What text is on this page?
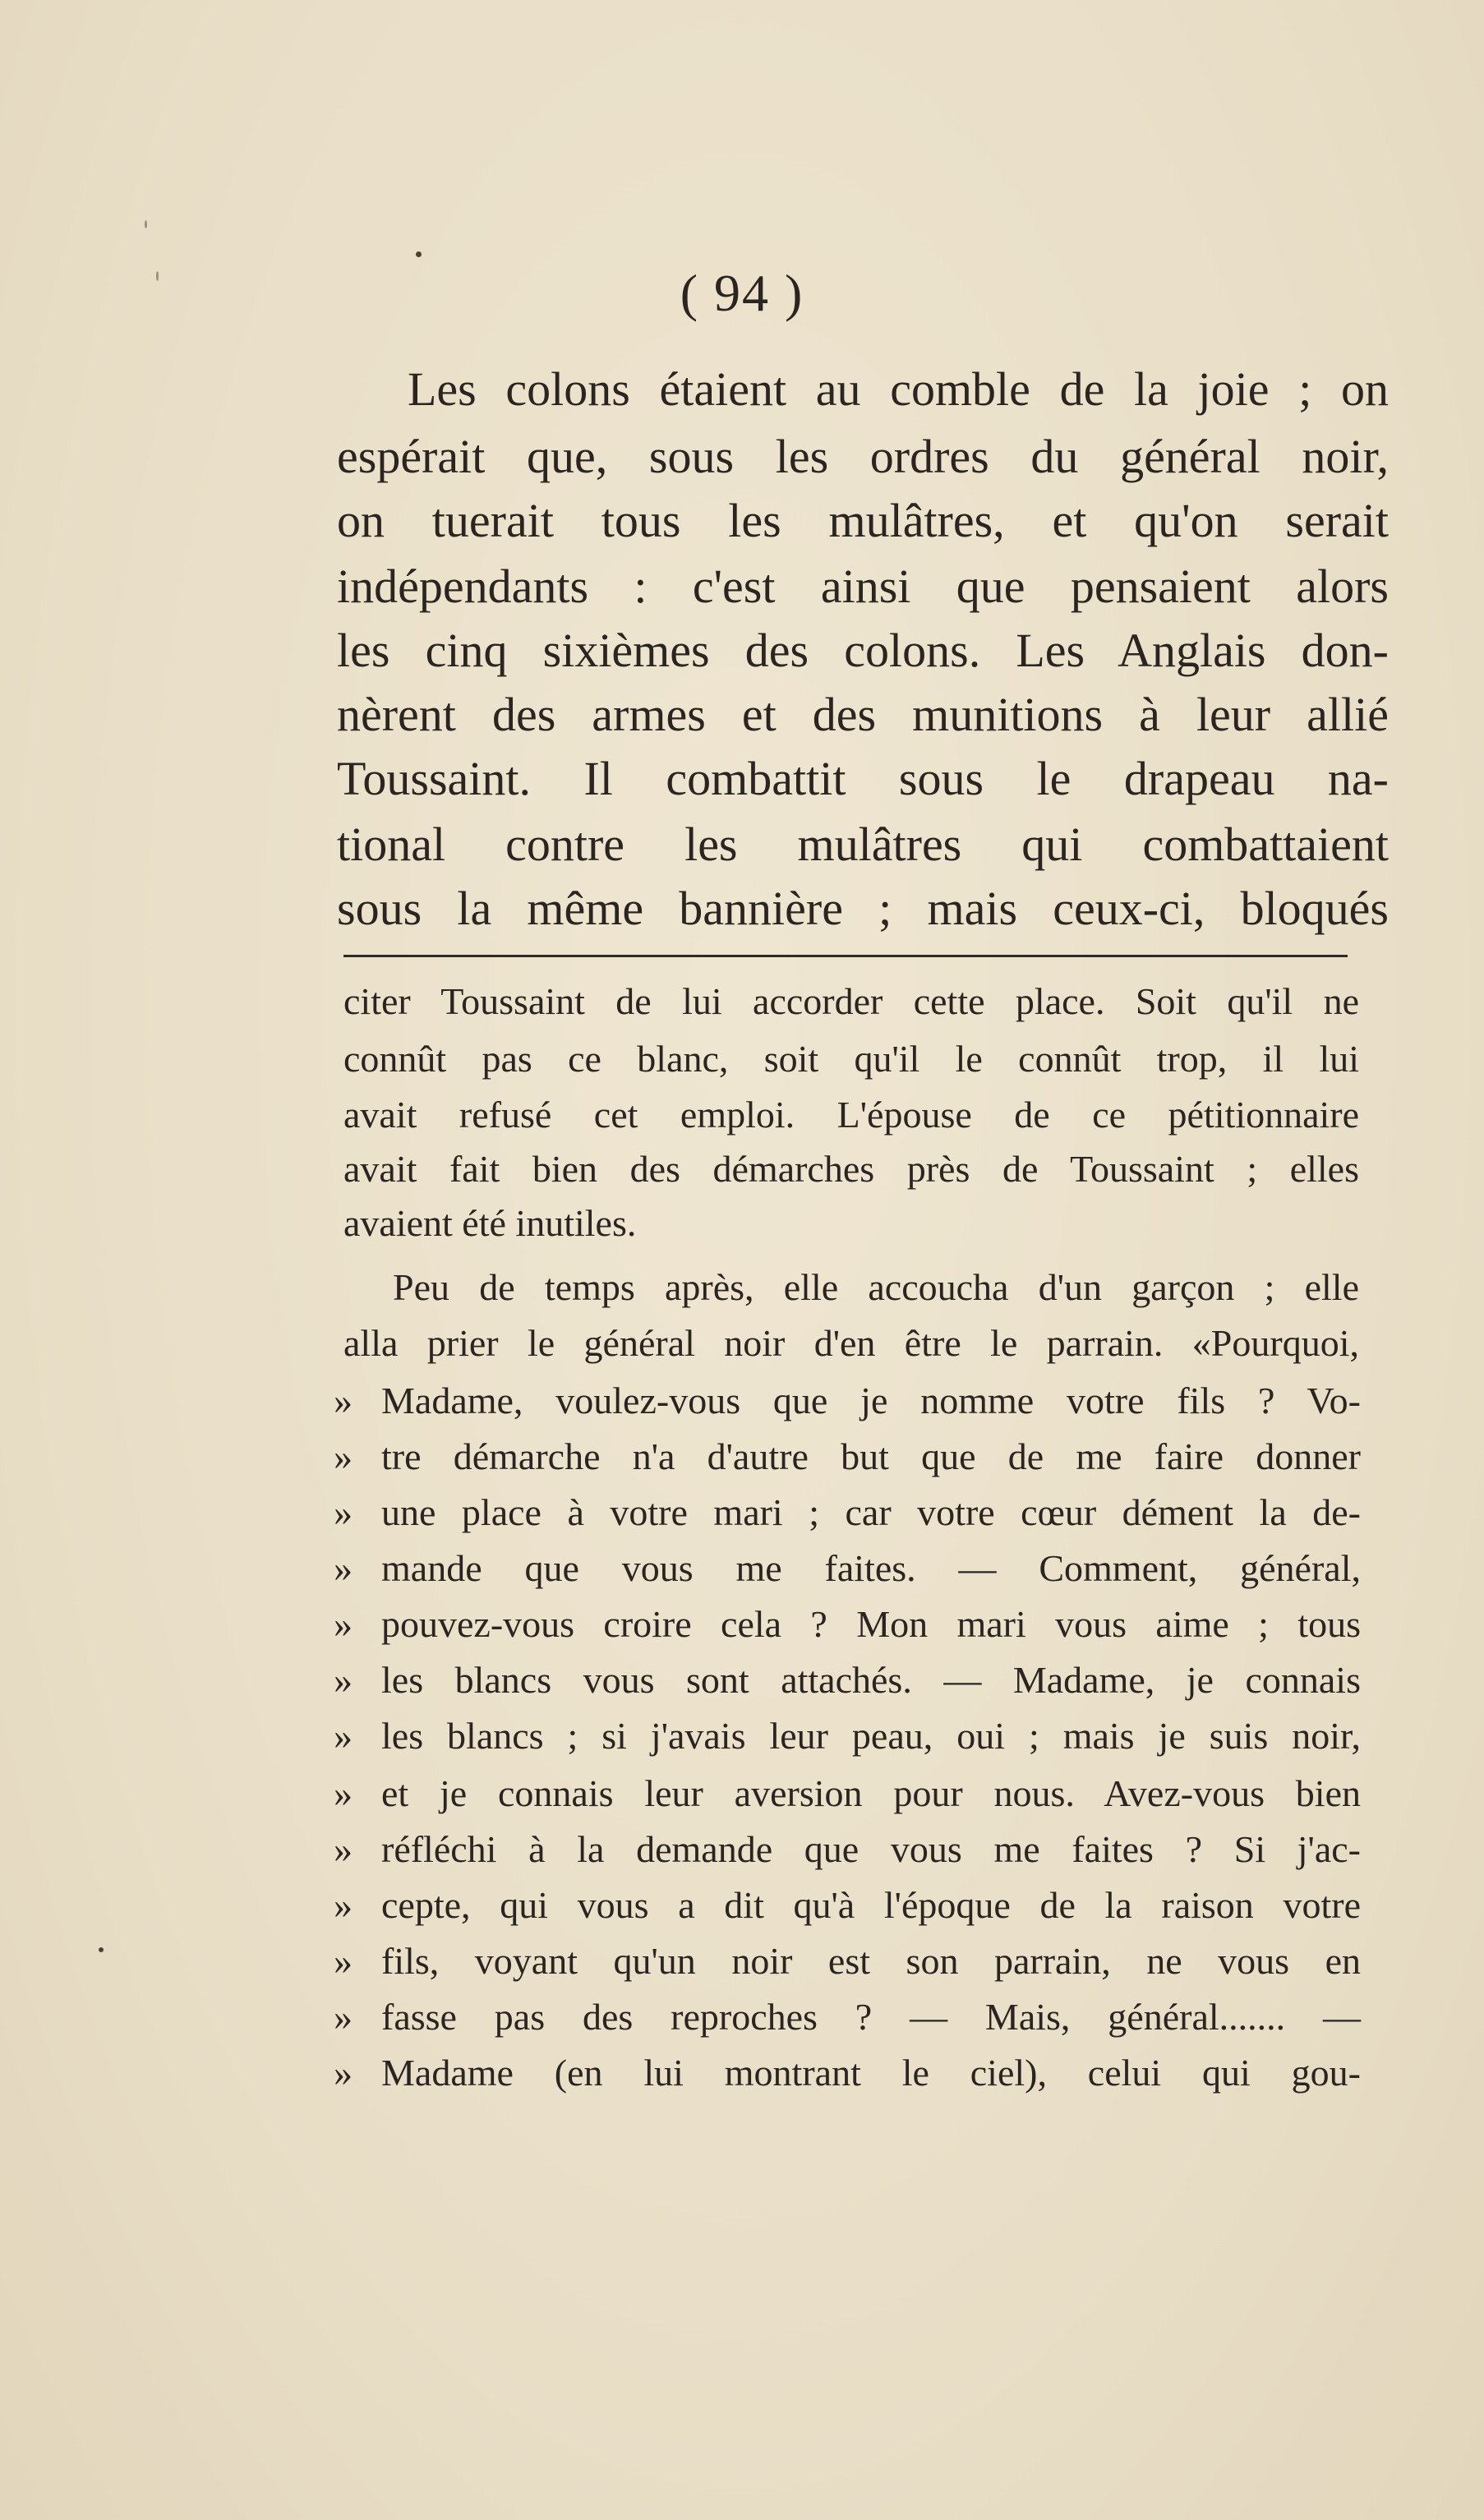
( 94 )
Les colons étaient au comble de la joie ; on
espérait que, sous les ordres du général noir,
on tuerait tous les mulâtres, et qu'on serait
indépendants : c'est ainsi que pensaient alors
les cinq sixièmes des colons. Les Anglais don-
nèrent des armes et des munitions à leur allié
Toussaint. Il combattit sous le drapeau na-
tional contre les mulâtres qui combattaient
sous la même bannière ; mais ceux-ci, bloqués
citer Toussaint de lui accorder cette place. Soit qu'il ne
connût pas ce blanc, soit qu'il le connût trop, il lui
avait refusé cet emploi. L'épouse de ce pétitionnaire
avait fait bien des démarches près de Toussaint ; elles
avaient été inutiles.
Peu de temps après, elle accoucha d'un garçon ; elle
alla prier le général noir d'en être le parrain. «Pourquoi,
» Madame, voulez-vous que je nomme votre fils ? Vo-
» tre démarche n'a d'autre but que de me faire donner
» une place à votre mari ; car votre cœur dément la de-
» mande que vous me faites. — Comment, général,
» pouvez-vous croire cela ? Mon mari vous aime ; tous
» les blancs vous sont attachés. — Madame, je connais
» les blancs ; si j'avais leur peau, oui ; mais je suis noir,
» et je connais leur aversion pour nous. Avez-vous bien
» réfléchi à la demande que vous me faites ? Si j'ac-
» cepte, qui vous a dit qu'à l'époque de la raison votre
» fils, voyant qu'un noir est son parrain, ne vous en
» fasse pas des reproches ? — Mais, général....... —
» Madame (en lui montrant le ciel), celui qui gou-
